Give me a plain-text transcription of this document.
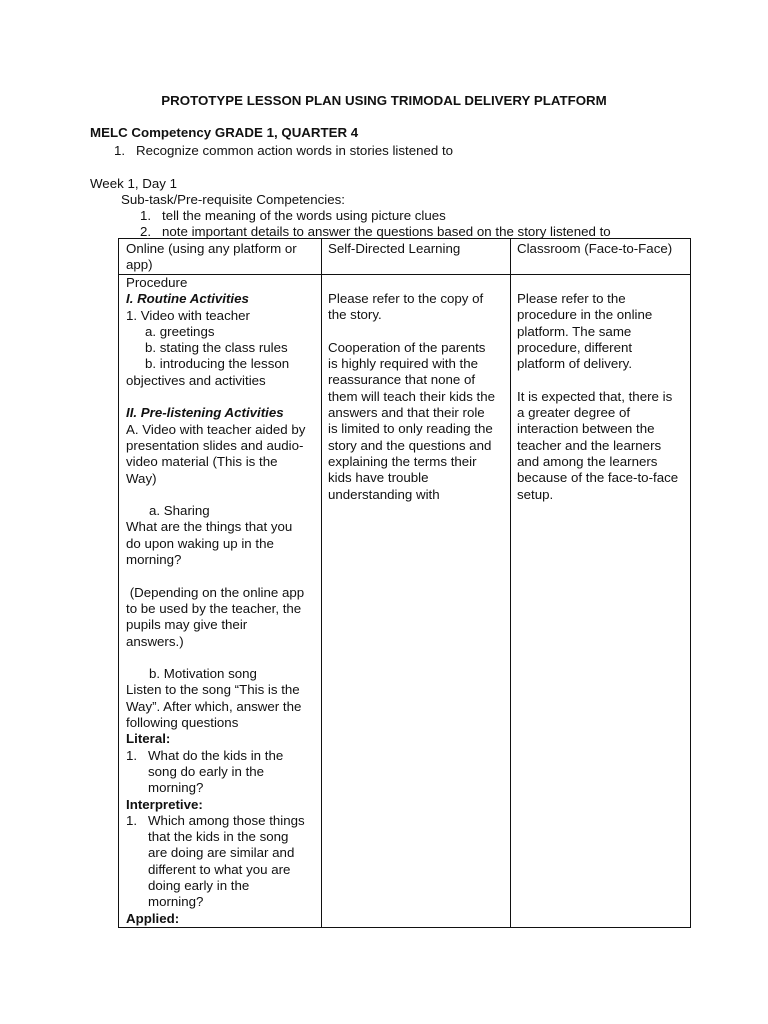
PROTOTYPE LESSON PLAN USING TRIMODAL DELIVERY PLATFORM
MELC Competency GRADE 1, QUARTER 4
1. Recognize common action words in stories listened to
Week 1, Day 1
Sub-task/Pre-requisite Competencies:
1. tell the meaning of the words using picture clues
2. note important details to answer the questions based on the story listened to
Online (using any platform or
app)
Self-Directed Learning	Classroom (Face-to-Face)
Procedure
I. Routine Activities
1. Video with teacher
a. greetings
b. stating the class rules
b. introducing the lesson
objectives and activities
II. Pre-listening Activities
A. Video with teacher aided by
presentation slides and audio-
video material (This is the
Way)
a. Sharing
What are the things that you
do upon waking up in the
morning?
(Depending on the online app
to be used by the teacher, the
pupils may give their
answers.)
b. Motivation song
Listen to the song “This is the
Way”. After which, answer the
following questions
Literal:
1. What do the kids in the
song do early in the
morning?
Interpretive:
1. Which among those things
that the kids in the song
are doing are similar and
different to what you are
doing early in the
morning?
Applied:
Please refer to the copy of
the story.
Cooperation of the parents
is highly required with the
reassurance that none of
them will teach their kids the
answers and that their role
is limited to only reading the
story and the questions and
explaining the terms their
kids have trouble
understanding with
Please refer to the
procedure in the online
platform. The same
procedure, different
platform of delivery.
It is expected that, there is
a greater degree of
interaction between the
teacher and the learners
and among the learners
because of the face-to-face
setup.
